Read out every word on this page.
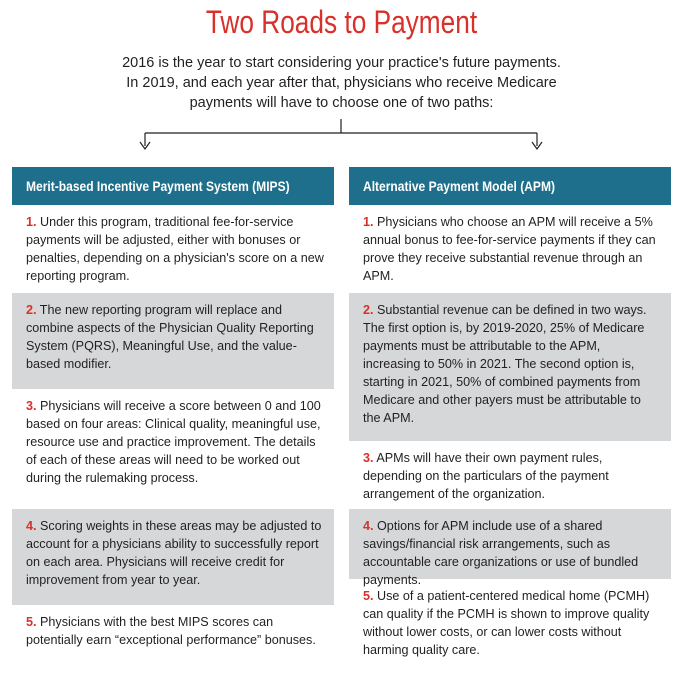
Two Roads to Payment
2016 is the year to start considering your practice's future payments.
In 2019, and each year after that, physicians who receive Medicare
payments will have to choose one of two paths:
Merit-based Incentive Payment System (MIPS)
1. Under this program, traditional fee-for-service payments will be adjusted, either with bonuses or penalties, depending on a physician's score on a new reporting program.
2. The new reporting program will replace and combine aspects of the Physician Quality Reporting System (PQRS), Meaningful Use, and the value-based modifier.
3. Physicians will receive a score between 0 and 100 based on four areas: Clinical quality, meaningful use, resource use and practice improvement. The details of each of these areas will need to be worked out during the rulemaking process.
4. Scoring weights in these areas may be adjusted to account for a physicians ability to successfully report on each area. Physicians will receive credit for improvement from year to year.
5. Physicians with the best MIPS scores can potentially earn “exceptional performance” bonuses.
Alternative Payment Model (APM)
1. Physicians who choose an APM will receive a 5% annual bonus to fee-for-service payments if they can prove they receive substantial revenue through an APM.
2. Substantial revenue can be defined in two ways. The first option is, by 2019-2020, 25% of Medicare payments must be attributable to the APM, increasing to 50% in 2021. The second option is, starting in 2021, 50% of combined payments from Medicare and other payers must be attributable to the APM.
3. APMs will have their own payment rules, depending on the particulars of the payment arrangement of the organization.
4. Options for APM include use of a shared savings/financial risk arrangements, such as accountable care organizations or use of bundled payments.
5. Use of a patient-centered medical home (PCMH) can quality if the PCMH is shown to improve quality without lower costs, or can lower costs without harming quality care.
